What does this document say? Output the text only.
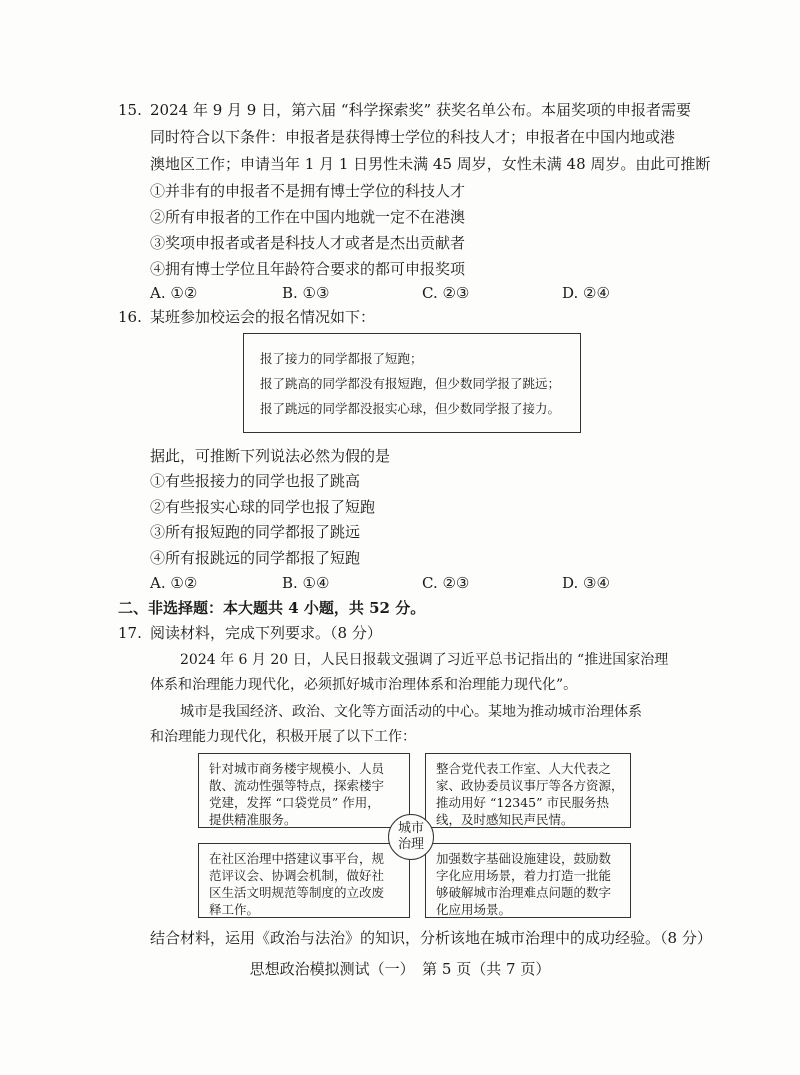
15. 2024 年 9 月 9 日，第六届 “科学探索奖” 获奖名单公布。本届奖项的申报者需要
同时符合以下条件：申报者是获得博士学位的科技人才；申报者在中国内地或港
澳地区工作；申请当年 1 月 1 日男性未满 45 周岁，女性未满 48 周岁。由此可推断
①并非有的申报者不是拥有博士学位的科技人才
②所有申报者的工作在中国内地就一定不在港澳
③奖项申报者或者是科技人才或者是杰出贡献者
④拥有博士学位且年龄符合要求的都可申报奖项
A. ①②	B. ①③	C. ②③	D. ②④
16. 某班参加校运会的报名情况如下：
报了接力的同学都报了短跑；
报了跳高的同学都没有报短跑，但少数同学报了跳远；
报了跳远的同学都没报实心球，但少数同学报了接力。
据此，可推断下列说法必然为假的是
①有些报接力的同学也报了跳高
②有些报实心球的同学也报了短跑
③所有报短跑的同学都报了跳远
④所有报跳远的同学都报了短跑
A. ①②	B. ①④	C. ②③	D. ③④
二、非选择题：本大题共 4 小题，共 52 分。
17. 阅读材料，完成下列要求。（8 分）
2024 年 6 月 20 日，人民日报载文强调了习近平总书记指出的 “推进国家治理
体系和治理能力现代化，必须抓好城市治理体系和治理能力现代化”。
城市是我国经济、政治、文化等方面活动的中心。某地为推动城市治理体系
和治理能力现代化，积极开展了以下工作：
针对城市商务楼宇规模小、人员
散、流动性强等特点，探索楼宇
党建，发挥 “口袋党员” 作用，
提供精准服务。
整合党代表工作室、人大代表之
家、政协委员议事厅等各方资源，
推动用好 “12345” 市民服务热
线，及时感知民声民情。
在社区治理中搭建议事平台，规
范评议会、协调会机制，做好社
区生活文明规范等制度的立改废
释工作。
加强数字基础设施建设，鼓励数
字化应用场景，着力打造一批能
够破解城市治理难点问题的数字
化应用场景。
城市
治理
结合材料，运用《政治与法治》的知识，分析该地在城市治理中的成功经验。（8 分）
思想政治模拟测试（一）　第 5 页（共 7 页）
